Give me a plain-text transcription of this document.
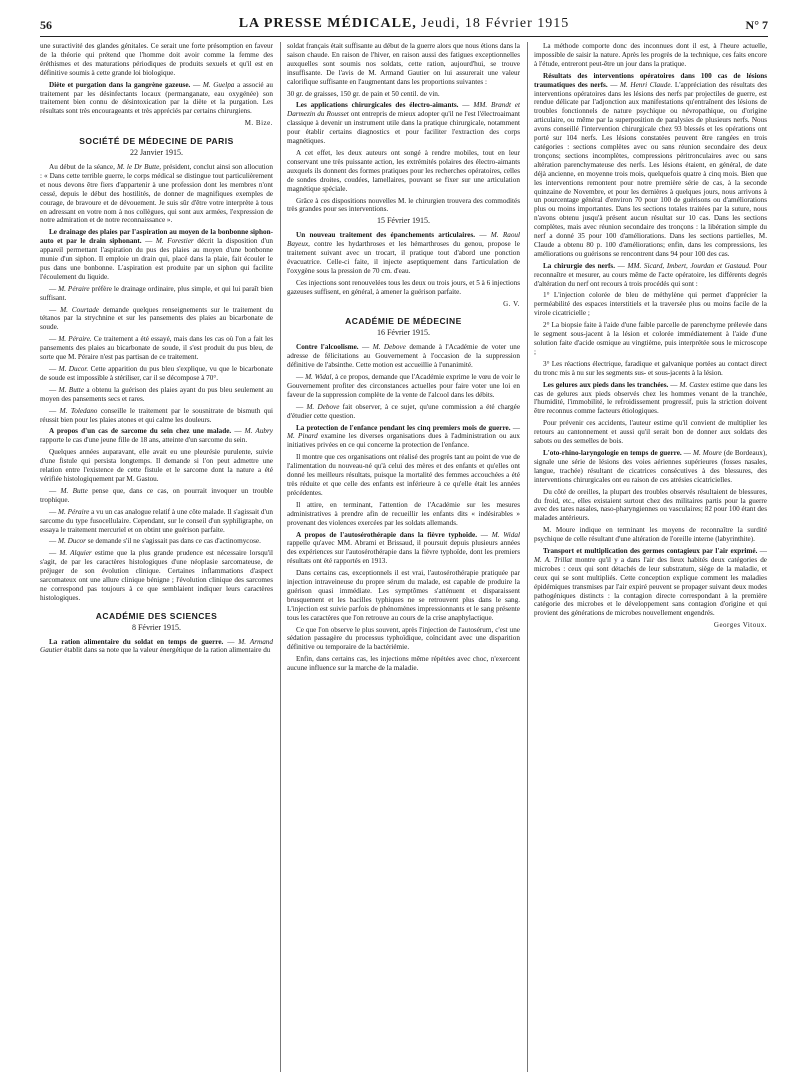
56	LA PRESSE MÉDICALE, Jeudi, 18 Février 1915	N° 7

une suractivité des glandes génitales. Ce serait une forte présomption en faveur de la théorie qui prétend que l'homme doit avoir comme la femme des éréthismes et des maturations périodiques de produits sexuels et qu'il est en définitive soumis à cette grande loi biologique.

Diète et purgation dans la gangrène gazeuse. — M. Guelpa a associé au traitement par les désinfectants locaux (permanganate, eau oxygénée) son traitement bien connu de désintoxication par la diète et la purgation. Les résultats sont très encourageants et très appréciés par certains chirurgiens.

M. Bize.
SOCIÉTÉ DE MÉDECINE DE PARIS
22 Janvier 1915.

Au début de la séance, M. le Dr Butte, président, conclut ainsi son allocution : « Dans cette terrible guerre, le corps médical se distingue tout particulièrement et nous devons être fiers d'appartenir à une profession dont les membres n'ont cessé, depuis le début des hostilités, de donner de magnifiques exemples de courage, de bravoure et de dévouement. Je suis sûr d'être votre interprète à tous en adressant en votre nom à nos collègues, qui sont aux armées, l'expression de notre admiration et de notre reconnaissance ».

Le drainage des plaies par l'aspiration au moyen de la bonbonne siphon-auto et par le drain siphonant. — M. Forestier décrit la disposition d'un appareil permettant l'aspiration du pus des plaies au moyen d'une bonbonne munie d'un siphon. Il emploie un drain qui, placé dans la plaie, fait écouler le pus dans une bonbonne. L'aspiration est produite par un siphon qui facilite l'écoulement du liquide.

— M. Péraire préfère le drainage ordinaire, plus simple, et qui lui paraît bien suffisant.

— M. Courtade demande quelques renseignements sur le traitement du tétanos par la strychnine et sur les pansements des plaies au bicarbonate de soude.

— M. Péraire. Ce traitement a été essayé, mais dans les cas où l'on a fait les pansements des plaies au bicarbonate de soude, il s'est produit du pus bleu, de sorte que M. Péraire n'est pas partisan de ce traitement.

— M. Ducor. Cette apparition du pus bleu s'explique, vu que le bicarbonate de soude est impossible à stériliser, car il se décompose à 70°.

— M. Butte a obtenu la guérison des plaies ayant du pus bleu seulement au moyen des pansements secs et rares.

— M. Toledano conseille le traitement par le sousnitrate de bismuth qui réussit bien pour les plaies atones et qui calme les douleurs.

A propos d'un cas de sarcome du sein chez une malade. — M. Aubry rapporte le cas d'une jeune fille de 18 ans, atteinte d'un sarcome du sein.

Quelques années auparavant, elle avait eu une pleurésie purulente, suivie d'une fistule qui persista longtemps. Il demande si l'on peut admettre une relation entre l'existence de cette fistule et le sarcome dont la nature a été vérifiée histologiquement par M. Gastou.

— M. Butte pense que, dans ce cas, on pourrait invoquer un trouble trophique.

— M. Péraire a vu un cas analogue relatif à une côte malade. Il s'agissait d'un sarcome du type fusocellulaire. Cependant, sur le conseil d'un syphiligraphe, on essaya le traitement mercuriel et on obtint une guérison parfaite.

— M. Ducor se demande s'il ne s'agissait pas dans ce cas d'actinomycose.

— M. Alquier estime que la plus grande prudence est nécessaire lorsqu'il s'agit, de par les caractères histologiques d'une néoplasie sarcomateuse, de préjuger de son évolution clinique. Certaines inflammations d'aspect sarcomateux ont une allure clinique bénigne ; l'évolution clinique des sarcomes ne correspond pas toujours à ce que semblaient indiquer leurs caractères histologiques.

ACADÉMIE DES SCIENCES
8 Février 1915.

La ration alimentaire du soldat en temps de guerre. — M. Armand Gautier établit dans sa note que la valeur énergétique de la ration alimentaire du

soldat français était suffisante au début de la guerre alors que nous étions dans la saison chaude. En raison de l'hiver, en raison aussi des fatigues exceptionnelles auxquelles sont soumis nos soldats, cette ration, aujourd'hui, se trouve insuffisante. De l'avis de M. Armand Gautier on lui assurerait une valeur calorifique suffisante en l'augmentant dans les proportions suivantes :

30 gr. de graisses, 150 gr. de pain et 50 centil. de vin.

Les applications chirurgicales des électro-aimants. — MM. Brandt et Darmezin du Rousset ont entrepris de mieux adopter qu'il ne l'est l'électroaimant classique à devenir un instrument utile dans la pratique chirurgicale, notamment pour établir certains diagnostics et pour faciliter l'extraction des corps magnétiques.

A cet effet, les deux auteurs ont songé à rendre mobiles, tout en leur conservant une très puissante action, les extrémités polaires des électro-aimants auxquels ils donnent des formes pratiques pour les recherches opératoires, celles de sondes droites, coudées, lamellaires, pouvant se fixer sur une articulation magnétique spéciale.

Grâce à ces dispositions nouvelles M. le chirurgien trouvera des commodités très grandes pour ses interventions.

15 Février 1915.

Un nouveau traitement des épanchements articulaires. — M. Raoul Bayeux, contre les hydarthroses et les hémarthroses du genou, propose le traitement suivant avec un trocart, il pratique tout d'abord une ponction évacuatrice. Celle-ci faite, il injecte aseptiquement dans l'articulation de l'oxygène sous la pression de 70 cm. d'eau.

Ces injections sont renouvelées tous les deux ou trois jours, et 5 à 6 injections gazeuses suffisent, en général, à amener la guérison parfaite.

G. V.
ACADÉMIE DE MÉDECINE
16 Février 1915.

Contre l'alcoolisme. — M. Debove demande à l'Académie de voter une adresse de félicitations au Gouvernement à l'occasion de la suppression définitive de l'absinthe. Cette motion est accueillie à l'unanimité.

— M. Widal, à ce propos, demande que l'Académie exprime le vœu de voir le Gouvernement profiter des circonstances actuelles pour faire voter une loi en faveur de la suppression complète de la vente de l'alcool dans les débits.

— M. Debove fait observer, à ce sujet, qu'une commission a été chargée d'étudier cette question.

La protection de l'enfance pendant les cinq premiers mois de guerre. — M. Pinard examine les diverses organisations dues à l'administration ou aux initiatives privées en ce qui concerne la protection de l'enfance.

Il montre que ces organisations ont réalisé des progrès tant au point de vue de l'alimentation du nouveau-né qu'à celui des mères et des enfants et qu'elles ont donné les meilleurs résultats, puisque la mortalité des femmes accouchées a été très réduite et que celle des enfants est inférieure à ce qu'elle était les années précédentes.

Il attire, en terminant, l'attention de l'Académie sur les mesures administratives à prendre afin de recueillir les enfants dits « indésirables » provenant des violences exercées par les soldats allemands.

A propos de l'autosérothérapie dans la fièvre typhoïde. — M. Widal rappelle qu'avec MM. Abrami et Brissaud, il poursuit depuis plusieurs années des expériences sur l'autosérothérapie dans la fièvre typhoïde, dont les premiers résultats ont été rapportés en 1913.

Dans certains cas, exceptionnels il est vrai, l'autosérothérapie pratiquée par injection intraveineuse du propre sérum du malade, est capable de produire la guérison quasi immédiate. Les symptômes s'atténuent et disparaissent brusquement et les bacilles typhiques ne se retrouvent plus dans le sang. L'injection est suivie parfois de phénomènes impressionnants et le sang présente tous les caractères que l'on retrouve au cours de la crise anaphylactique.

Ce que l'on observe le plus souvent, après l'injection de l'autosérum, c'est une sédation passagère du processus typhoïdique, coïncidant avec une disparition définitive ou temporaire de la bactériémie.

Enfin, dans certains cas, les injections même répétées avec choc, n'exercent aucune influence sur la marche de la maladie.

La méthode comporte donc des inconnues dont il est, à l'heure actuelle, impossible de saisir la nature. Après les progrès de la technique, ces faits encore à l'étude, entreront peut-être un jour dans la pratique.

Résultats des interventions opératoires dans 100 cas de lésions traumatiques des nerfs. — M. Henri Claude. L'appréciation des résultats des interventions opératoires dans les lésions des nerfs par projectiles de guerre, est rendue délicate par l'adjonction aux manifestations qu'entraînent des lésions de troubles fonctionnels de nature psychique ou névropathique, ou d'origine articulaire, ou même par la superposition de paralysies de plusieurs nerfs. Nous avons conseillé l'intervention chirurgicale chez 93 blessés et les opérations ont porté sur 104 nerfs. Les lésions constatées peuvent être rangées en trois catégories : sections complètes avec ou sans réunion secondaire des deux tronçons; sections incomplètes, compressions péritronculaires avec ou sans altération parenchymateuse des nerfs. Les lésions étaient, en général, de date déjà ancienne, en moyenne trois mois, quelquefois quatre à cinq mois. Bien que les interventions remontent pour notre première série de cas, à la seconde quinzaine de Novembre, et pour les dernières à quelques jours, nous arrivons à un pourcentage général d'environ 70 pour 100 de guérisons ou d'améliorations plus ou moins importantes. Dans les sections totales traitées par la suture, nous n'avons obtenu jusqu'à présent aucun résultat sur 10 cas. Dans les sections complètes, mais avec réunion secondaire des tronçons : la libération simple du nerf a donné 35 pour 100 d'améliorations. Dans les sections partielles, M. Claude a obtenu 80 p. 100 d'améliorations; enfin, dans les compressions, les améliorations ou guérisons se rencontrent dans 94 pour 100 des cas.

La chirurgie des nerfs. — MM. Sicard, Imbert, Jourdan et Gastaud. Pour reconnaître et mesurer, au cours même de l'acte opératoire, les différents degrés d'altération du nerf ont recours à trois procédés qui sont :

1° L'injection colorée de bleu de méthylène qui permet d'apprécier la perméabilité des espaces interstitiels et la traversée plus ou moins facile de la virole cicatricielle ;

2° La biopsie faite à l'aide d'une faible parcelle de parenchyme prélevée dans le segment sous-jacent à la lésion et colorée immédiatement à l'aide d'une solution faite d'acide osmique au vingtième, puis interprétée sous le microscope ;

3° Les réactions électrique, faradique et galvanique portées au contact direct du tronc mis à nu sur les segments sus- et sous-jacents à la lésion.

Les gelures aux pieds dans les tranchées. — M. Castex estime que dans les cas de gelures aux pieds observés chez les hommes venant de la tranchée, l'humidité, l'immobilité, le refroidissement progressif, puis la striction doivent être reconnus comme facteurs étiologiques.

Pour prévenir ces accidents, l'auteur estime qu'il convient de multiplier les retours au cantonnement et aussi qu'il serait bon de donner aux soldats des sabots ou des semelles de bois.

L'oto-rhino-laryngologie en temps de guerre. — M. Moure (de Bordeaux), signale une série de lésions des voies aériennes supérieures (fosses nasales, langue, trachée) résultant de cicatrices consécutives à des blessures, des interventions chirurgicales ont eu raison de ces atrésies cicatricielles.

Du côté de oreilles, la plupart des troubles observés résultaient de blessures, du froid, etc., elles existaient surtout chez des militaires partis pour la guerre avec des tares nasales, naso-pharyngiennes ou vasculaires; 82 pour 100 étant des malades antérieurs.

M. Moure indique en terminant les moyens de reconnaître la surdité psychique de celle résultant d'une altération de l'oreille interne (labyrinthite).

Transport et multiplication des germes contagieux par l'air exprimé. — M. A. Trillat montre qu'il y a dans l'air des lieux habités deux catégories de microbes : ceux qui sont détachés de leur substratum, siège de la maladie, et ceux qui se sont multipliés. Cette conception explique comment les maladies épidémiques transmises par l'air expiré peuvent se propager suivant deux modes pathogéniques distincts : la contagion directe correspondant à la première catégorie des microbes et le développement sans contagion d'origine et qui provient des générations de microbes nouvellement engendrés.

Georges Vitoux.
